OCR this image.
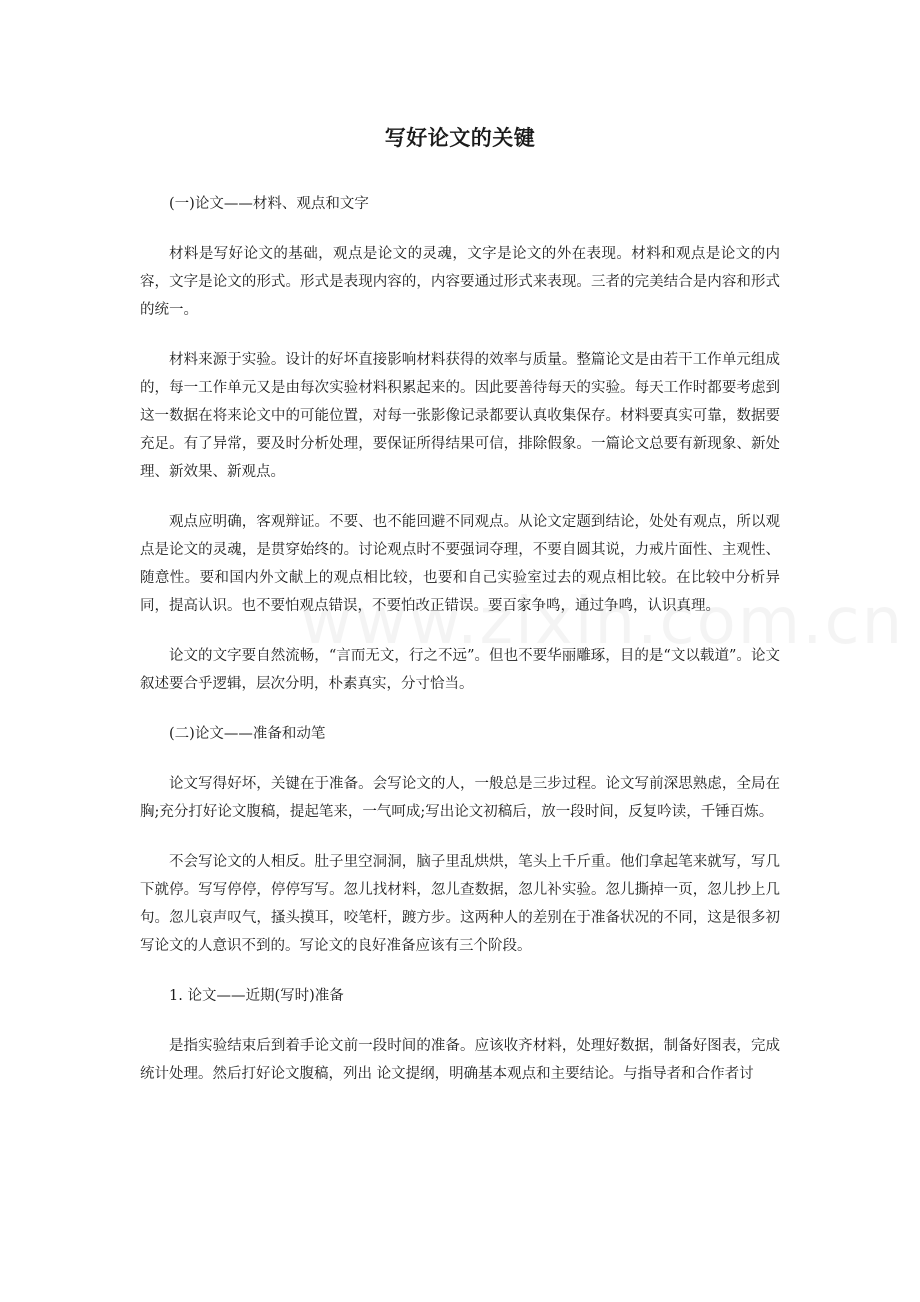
写好论文的关键

(一)论文——材料、观点和文字

材料是写好论文的基础，观点是论文的灵魂，文字是论文的外在表现。材料和观点是论文的内容，文字是论文的形式。形式是表现内容的，内容要通过形式来表现。三者的完美结合是内容和形式的统一。

材料来源于实验。设计的好坏直接影响材料获得的效率与质量。整篇论文是由若干工作单元组成的，每一工作单元又是由每次实验材料积累起来的。因此要善待每天的实验。每天工作时都要考虑到这一数据在将来论文中的可能位置，对每一张影像记录都要认真收集保存。材料要真实可靠，数据要充足。有了异常，要及时分析处理，要保证所得结果可信，排除假象。一篇论文总要有新现象、新处理、新效果、新观点。

观点应明确，客观辩证。不要、也不能回避不同观点。从论文定题到结论，处处有观点，所以观点是论文的灵魂，是贯穿始终的。讨论观点时不要强词夺理，不要自圆其说，力戒片面性、主观性、随意性。要和国内外文献上的观点相比较，也要和自己实验室过去的观点相比较。在比较中分析异同，提高认识。也不要怕观点错误，不要怕改正错误。要百家争鸣，通过争鸣，认识真理。

论文的文字要自然流畅，“言而无文，行之不远”。但也不要华丽雕琢，目的是“文以载道”。论文叙述要合乎逻辑，层次分明，朴素真实，分寸恰当。

(二)论文——准备和动笔

论文写得好坏，关键在于准备。会写论文的人，一般总是三步过程。论文写前深思熟虑，全局在胸;充分打好论文腹稿，提起笔来，一气呵成;写出论文初稿后，放一段时间，反复吟读，千锤百炼。

不会写论文的人相反。肚子里空洞洞，脑子里乱烘烘，笔头上千斤重。他们拿起笔来就写，写几下就停。写写停停，停停写写。忽儿找材料，忽儿查数据，忽儿补实验。忽儿撕掉一页，忽儿抄上几句。忽儿哀声叹气，搔头摸耳，咬笔杆，踱方步。这两种人的差别在于准备状况的不同，这是很多初写论文的人意识不到的。写论文的良好准备应该有三个阶段。

1. 论文——近期(写时)准备

是指实验结束后到着手论文前一段时间的准备。应该收齐材料，处理好数据，制备好图表，完成统计处理。然后打好论文腹稿，列出 论文提纲，明确基本观点和主要结论。与指导者和合作者讨
